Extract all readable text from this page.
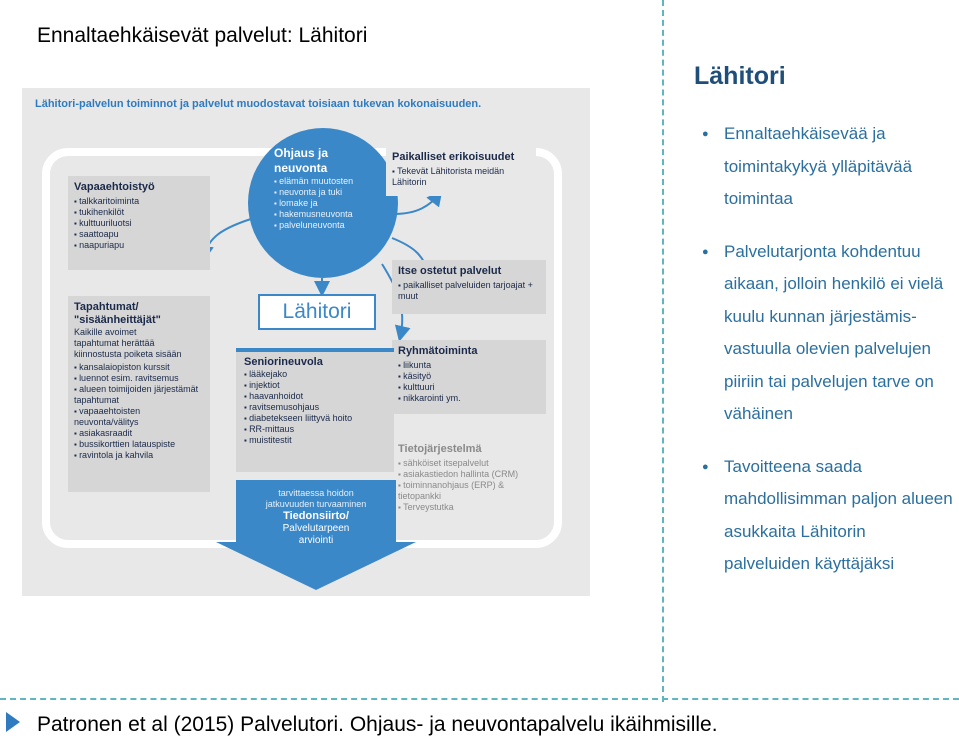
Ennaltaehkäisevät palvelut: Lähitori
Lähitori-palvelun toiminnot ja palvelut muodostavat toisiaan tukevan kokonaisuuden.
Vapaaehtoistyö
▪ talkkaritoiminta
▪ tukihenkilöt
▪ kulttuuriluotsi
▪ saattoapu
▪ naapuriapu
Tapahtumat/
"sisäänheittäjät"
Kaikille avoimet
tapahtumat herättää
kiinnostusta poiketa sisään
▪ kansalaiopiston kurssit
▪ luennot esim. ravitsemus
▪ alueen toimijoiden järjestämät tapahtumat
▪ vapaaehtoisten neuvonta/välitys
▪ asiakasraadit
▪ bussikorttien latauspiste
▪ ravintola ja kahvila
Ohjaus ja neuvonta
▪ elämän muutosten
▪ neuvonta ja tuki
▪ lomake ja
▪ hakemusneuvonta
▪ palveluneuvonta
Paikalliset erikoisuudet
▪ Tekevät Lähitorista meidän Lähitorin
Itse ostetut palvelut
▪ paikalliset palveluiden tarjoajat + muut
Ryhmätoiminta
▪ liikunta
▪ käsityö
▪ kulttuuri
▪ nikkarointi ym.
Tietojärjestelmä
▪ sähköiset itsepalvelut
▪ asiakastiedon hallinta (CRM)
▪ toiminnanohjaus (ERP) & tietopankki
▪ Terveystutka
Lähitori
Seniorineuvola
▪ lääkejako
▪ injektiot
▪ haavanhoidot
▪ ravitsemusohjaus
▪ diabetekseen liittyvä hoito
▪ RR-mittaus
▪ muistitestit
tarvittaessa hoidon
jatkuvuuden turvaaminen
Tiedonsiirto/
Palvelutarpeen
arviointi
Lähitori
● Ennaltaehkäisevää ja toimintakykyä ylläpitävää toimintaa
● Palvelutarjonta kohdentuu aikaan, jolloin henkilö ei vielä kuulu kunnan järjestämis-vastuulla olevien palvelujen piiriin tai palvelujen tarve on vähäinen
● Tavoitteena saada mahdollisimman paljon alueen asukkaita Lähitorin palveluiden käyttäjäksi
Patronen et al (2015) Palvelutori. Ohjaus- ja neuvontapalvelu ikäihmisille.
